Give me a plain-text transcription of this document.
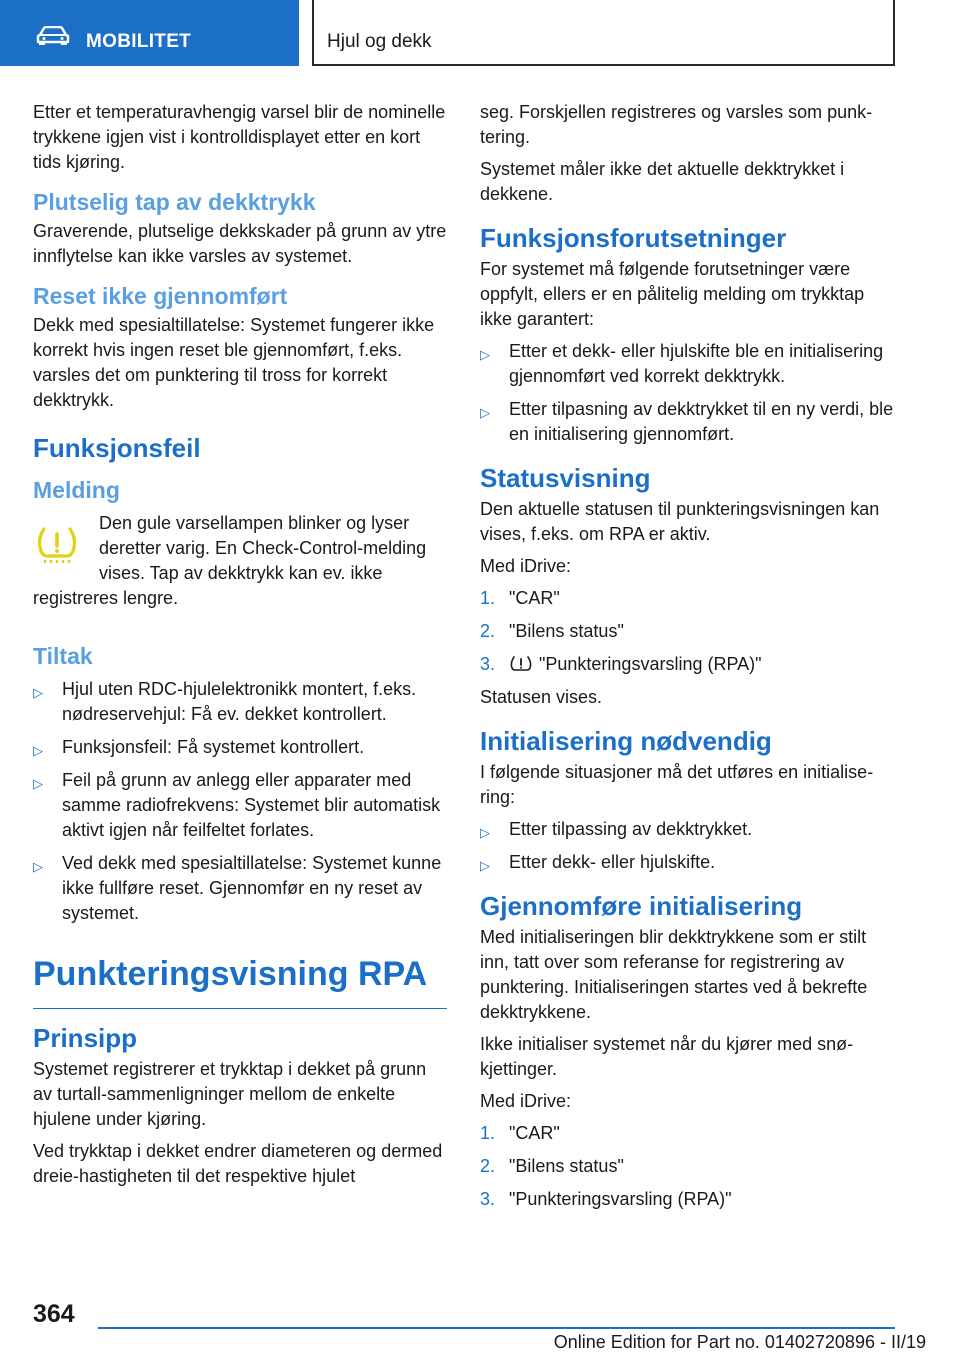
MOBILITET	Hjul og dekk

Etter et temperaturavhengig varsel blir de nominelle trykkene igjen vist i kontrolldisplayet etter en kort tids kjøring.

Plutselig tap av dekktrykk

Graverende, plutselige dekkskader på grunn av ytre innflytelse kan ikke varsles av systemet.

Reset ikke gjennomført

Dekk med spesialtillatelse: Systemet fungerer ikke korrekt hvis ingen reset ble gjennomført, f.eks. varsles det om punktering til tross for korrekt dekktrykk.

Funksjonsfeil
Melding
Den gule varsellampen blinker og lyser deretter varig. En Check-Control-melding vises. Tap av dekktrykk kan ev. ikke
registreres lengre.
Tiltak
▷ Hjul uten RDC-hjulelektronikk montert, f.eks. nødreservehjul: Få ev. dekket kontrollert.
▷ Funksjonsfeil: Få systemet kontrollert.
▷ Feil på grunn av anlegg eller apparater med samme radiofrekvens: Systemet blir automatisk aktivt igjen når feilfeltet forlates.
▷ Ved dekk med spesialtillatelse: Systemet kunne ikke fullføre reset. Gjennomfør en ny reset av systemet.
Punkteringsvisning RPA
Prinsipp

Systemet registrerer et trykktap i dekket på grunn av turtall-sammenligninger mellom de enkelte hjulene under kjøring.

Ved trykktap i dekket endrer diameteren og dermed dreie-hastigheten til det respektive hjulet

seg. Forskjellen registreres og varsles som punktering.

Systemet måler ikke det aktuelle dekktrykket i dekkene.

Funksjonsforutsetninger

For systemet må følgende forutsetninger være oppfylt, ellers er en pålitelig melding om trykktap ikke garantert:

▷ Etter et dekk- eller hjulskifte ble en initialisering gjennomført ved korrekt dekktrykk.
▷ Etter tilpasning av dekktrykket til en ny verdi, ble en initialisering gjennomført.
Statusvisning

Den aktuelle statusen til punkteringsvisningen kan vises, f.eks. om RPA er aktiv.

Med iDrive:

1. "CAR"
2. "Bilens status"
3. "Punkteringsvarsling (RPA)"

Statusen vises.

Initialisering nødvendig

I følgende situasjoner må det utføres en initialisering:

▷ Etter tilpassing av dekktrykket.
▷ Etter dekk- eller hjulskifte.
Gjennomføre initialisering

Med initialiseringen blir dekktrykkene som er stilt inn, tatt over som referanse for registrering av punktering. Initialiseringen startes ved å bekrefte dekktrykkene.

Ikke initialiser systemet når du kjører med snøkjettinger.

Med iDrive:

1. "CAR"
2. "Bilens status"
3. "Punkteringsvarsling (RPA)"
364
Online Edition for Part no. 01402720896 - II/19
